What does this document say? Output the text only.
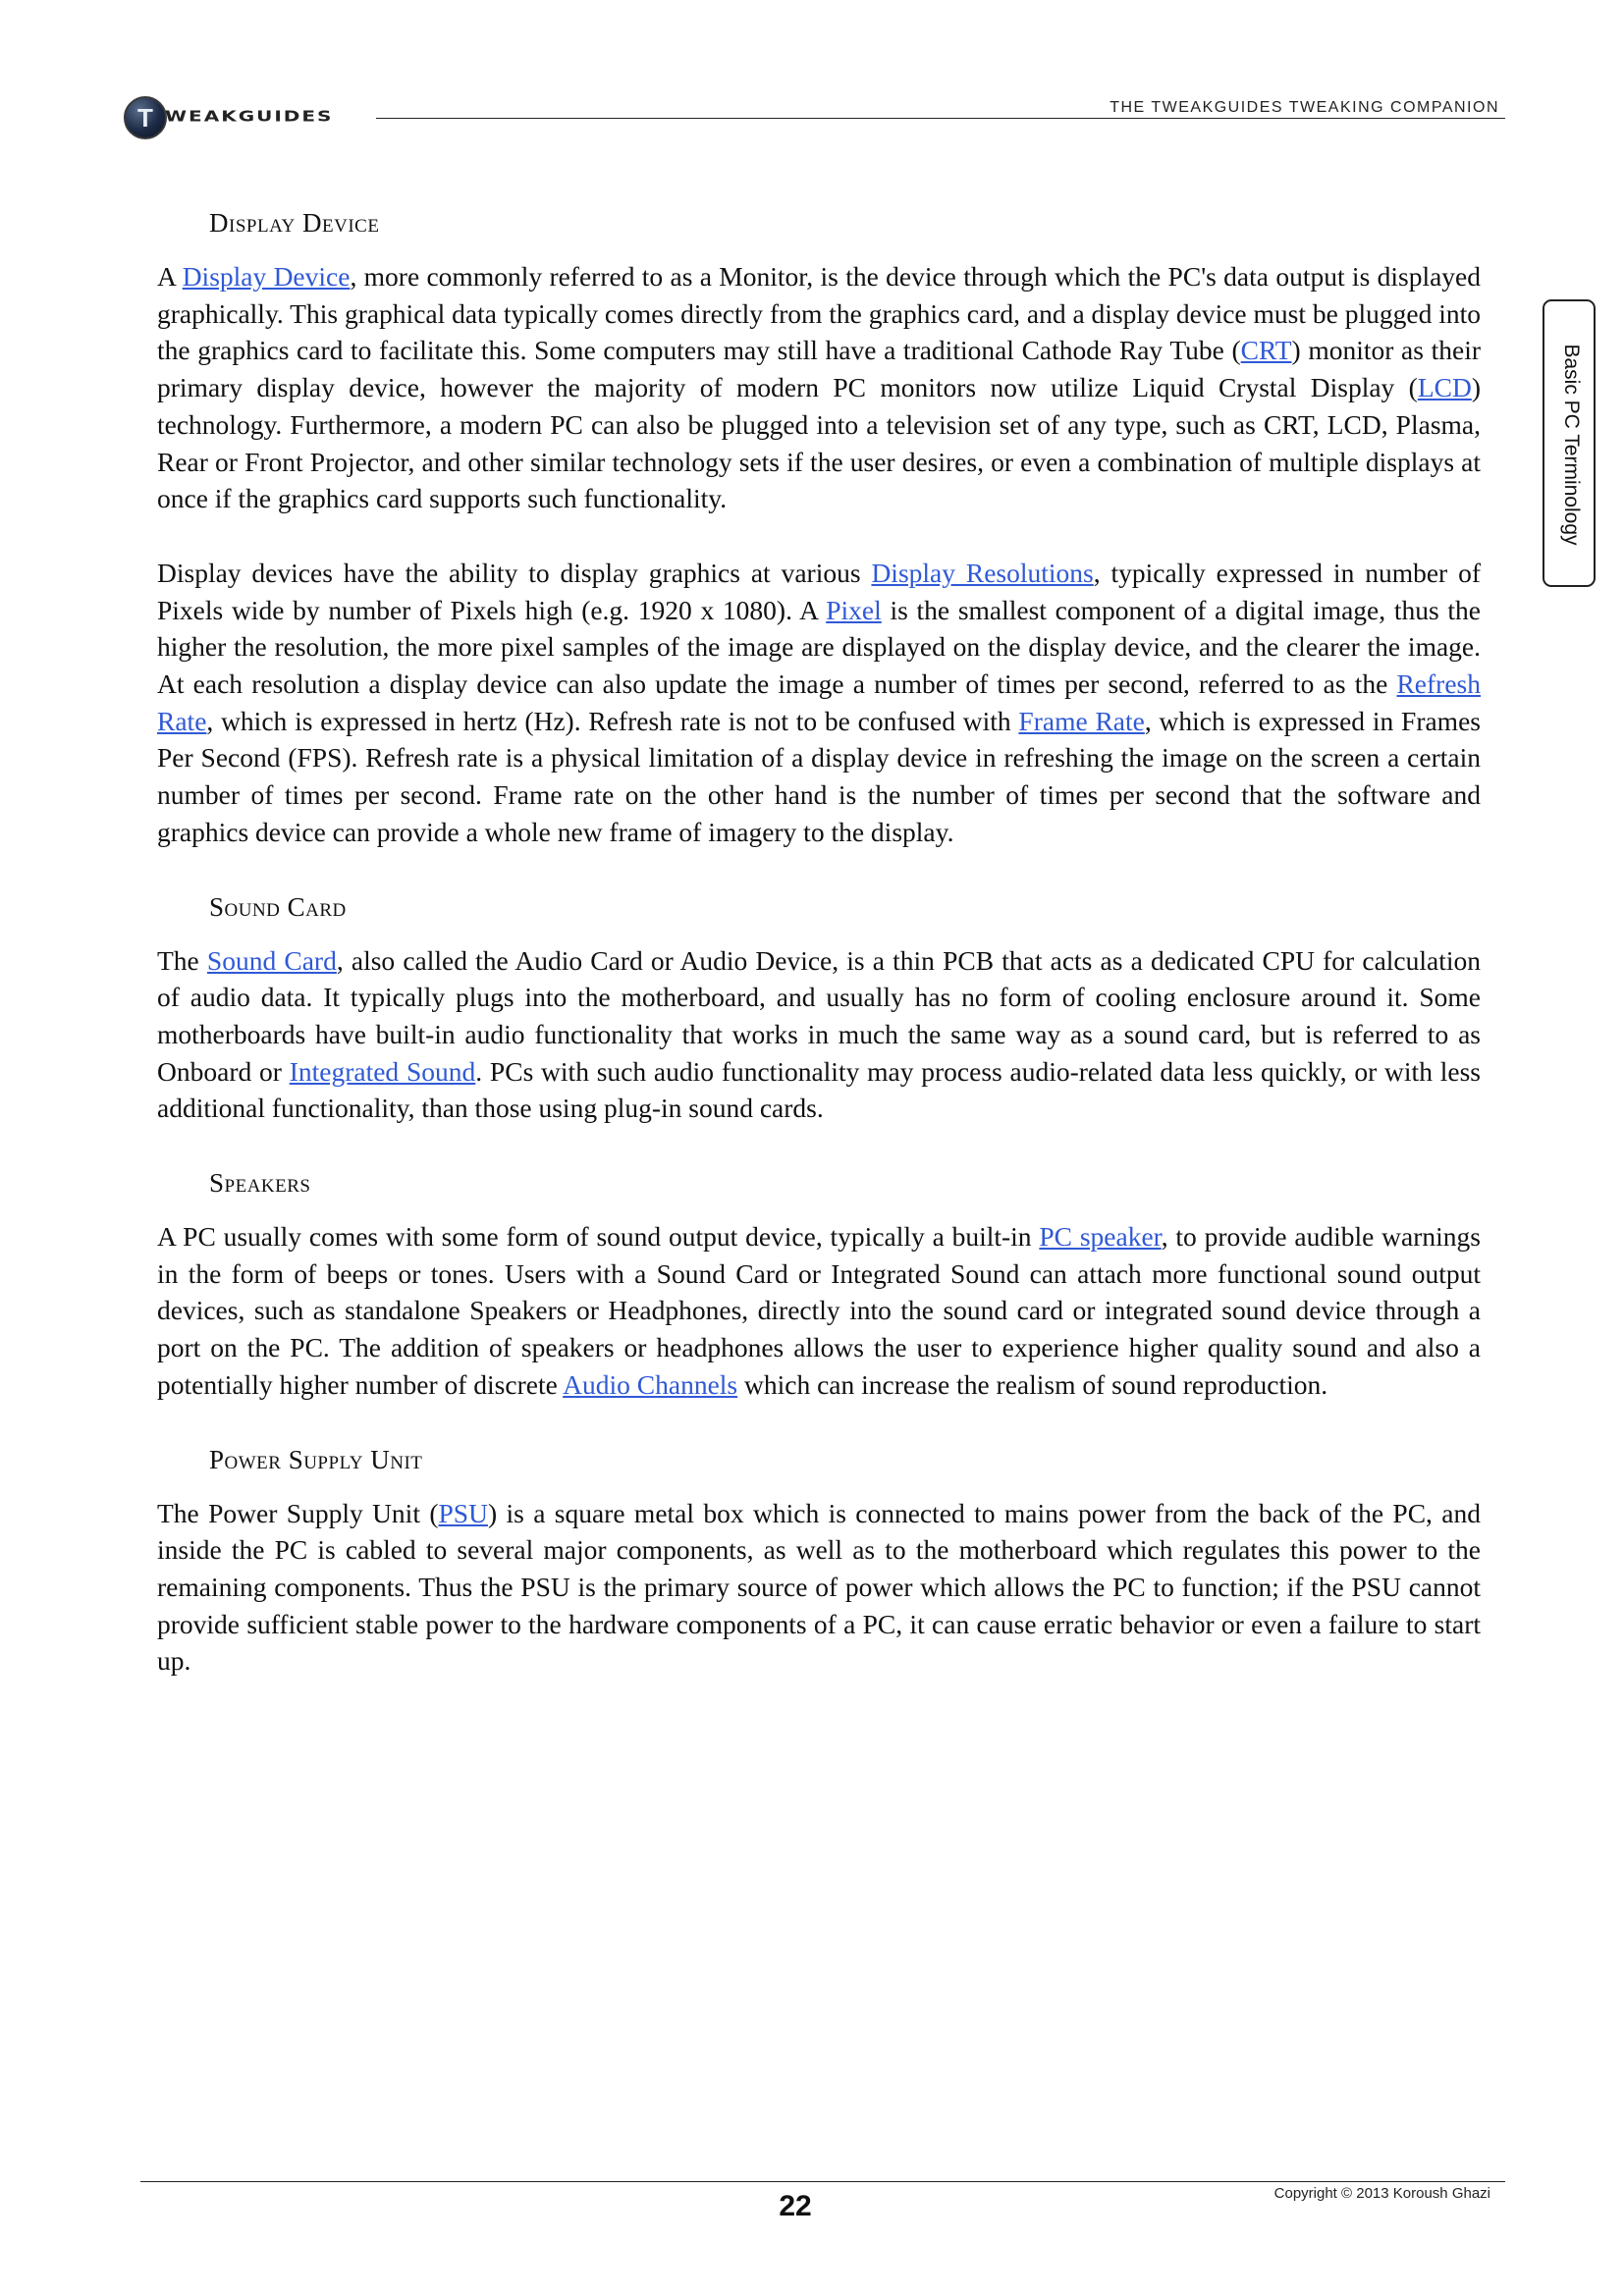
T WEAKGUIDES	THE TWEAKGUIDES TWEAKING COMPANION
Basic PC Terminology
Display Device

A Display Device, more commonly referred to as a Monitor, is the device through which the PC's data output is displayed graphically. This graphical data typically comes directly from the graphics card, and a display device must be plugged into the graphics card to facilitate this. Some computers may still have a traditional Cathode Ray Tube (CRT) monitor as their primary display device, however the majority of modern PC monitors now utilize Liquid Crystal Display (LCD) technology. Furthermore, a modern PC can also be plugged into a television set of any type, such as CRT, LCD, Plasma, Rear or Front Projector, and other similar technology sets if the user desires, or even a combination of multiple displays at once if the graphics card supports such functionality.

Display devices have the ability to display graphics at various Display Resolutions, typically expressed in number of Pixels wide by number of Pixels high (e.g. 1920 x 1080). A Pixel is the smallest component of a digital image, thus the higher the resolution, the more pixel samples of the image are displayed on the display device, and the clearer the image. At each resolution a display device can also update the image a number of times per second, referred to as the Refresh Rate, which is expressed in hertz (Hz). Refresh rate is not to be confused with Frame Rate, which is expressed in Frames Per Second (FPS). Refresh rate is a physical limitation of a display device in refreshing the image on the screen a certain number of times per second. Frame rate on the other hand is the number of times per second that the software and graphics device can provide a whole new frame of imagery to the display.

Sound Card

The Sound Card, also called the Audio Card or Audio Device, is a thin PCB that acts as a dedicated CPU for calculation of audio data. It typically plugs into the motherboard, and usually has no form of cooling enclosure around it. Some motherboards have built-in audio functionality that works in much the same way as a sound card, but is referred to as Onboard or Integrated Sound. PCs with such audio functionality may process audio-related data less quickly, or with less additional functionality, than those using plug-in sound cards.

Speakers

A PC usually comes with some form of sound output device, typically a built-in PC speaker, to provide audible warnings in the form of beeps or tones. Users with a Sound Card or Integrated Sound can attach more functional sound output devices, such as standalone Speakers or Headphones, directly into the sound card or integrated sound device through a port on the PC. The addition of speakers or headphones allows the user to experience higher quality sound and also a potentially higher number of discrete Audio Channels which can increase the realism of sound reproduction.

Power Supply Unit

The Power Supply Unit (PSU) is a square metal box which is connected to mains power from the back of the PC, and inside the PC is cabled to several major components, as well as to the motherboard which regulates this power to the remaining components. Thus the PSU is the primary source of power which allows the PC to function; if the PSU cannot provide sufficient stable power to the hardware components of a PC, it can cause erratic behavior or even a failure to start up.

22	Copyright © 2013 Koroush Ghazi
